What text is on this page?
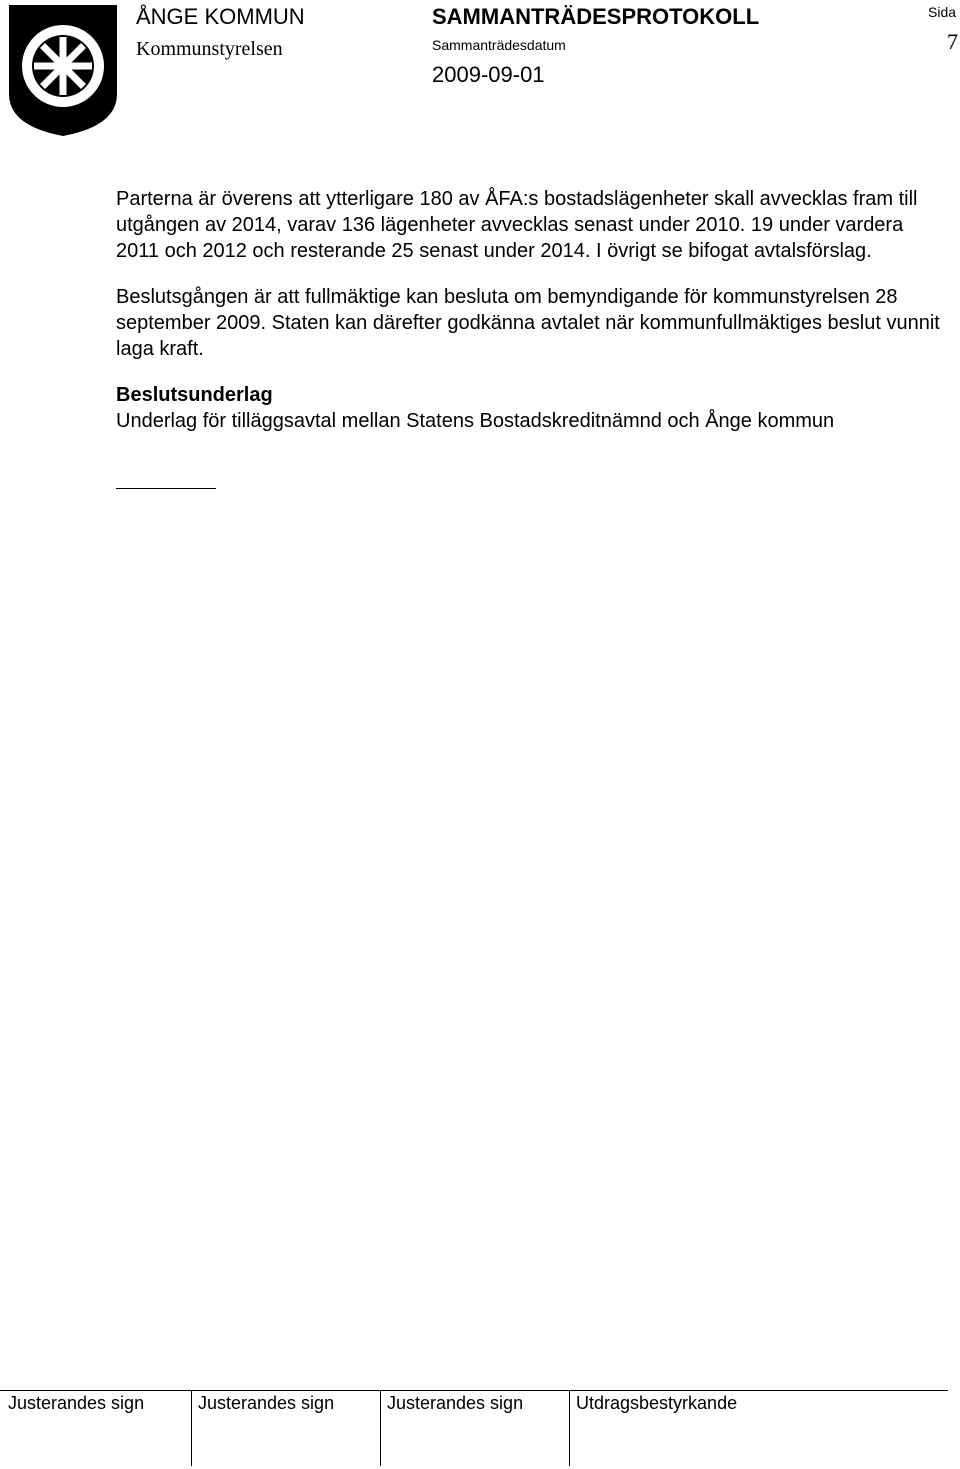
ÅNGE KOMMUN
Kommunstyrelsen
SAMMANTRÄDESPROTOKOLL
Sammanträdesdatum
2009-09-01
Sida
7

Parterna är överens att ytterligare 180 av ÅFA:s bostadslägenheter skall avvecklas fram till utgången av 2014, varav 136 lägenheter avvecklas senast under 2010. 19 under vardera 2011 och 2012 och resterande 25 senast under 2014. I övrigt se bifogat avtalsförslag.

Beslutsgången är att fullmäktige kan besluta om bemyndigande för kommunstyrelsen 28 september 2009. Staten kan därefter godkänna avtalet när kommunfullmäktiges beslut vunnit laga kraft.

Beslutsunderlag
Underlag för tilläggsavtal mellan Statens Bostadskreditnämnd och Ånge kommun
Justerandes sign	Justerandes sign	Justerandes sign	Utdragsbestyrkande
